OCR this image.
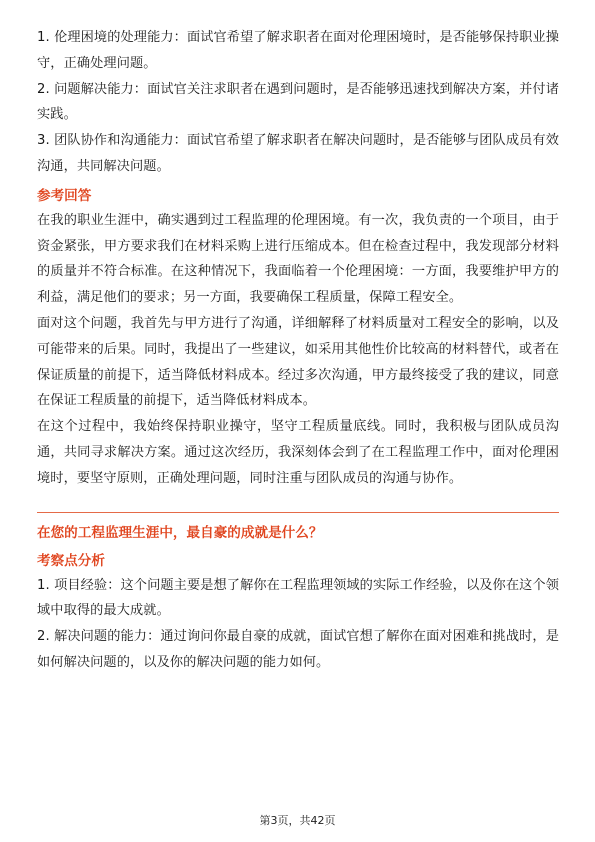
1. 伦理困境的处理能力：面试官希望了解求职者在面对伦理困境时，是否能够保持职业操守，正确处理问题。

2. 问题解决能力：面试官关注求职者在遇到问题时，是否能够迅速找到解决方案，并付诸实践。

3. 团队协作和沟通能力：面试官希望了解求职者在解决问题时，是否能够与团队成员有效沟通，共同解决问题。

参考回答

在我的职业生涯中，确实遇到过工程监理的伦理困境。有一次，我负责的一个项目，由于资金紧张，甲方要求我们在材料采购上进行压缩成本。但在检查过程中，我发现部分材料的质量并不符合标准。在这种情况下，我面临着一个伦理困境：一方面，我要维护甲方的利益，满足他们的要求；另一方面，我要确保工程质量，保障工程安全。

面对这个问题，我首先与甲方进行了沟通，详细解释了材料质量对工程安全的影响，以及可能带来的后果。同时，我提出了一些建议，如采用其他性价比较高的材料替代，或者在保证质量的前提下，适当降低材料成本。经过多次沟通，甲方最终接受了我的建议，同意在保证工程质量的前提下，适当降低材料成本。

在这个过程中，我始终保持职业操守，坚守工程质量底线。同时，我积极与团队成员沟通，共同寻求解决方案。通过这次经历，我深刻体会到了在工程监理工作中，面对伦理困境时，要坚守原则，正确处理问题，同时注重与团队成员的沟通与协作。

在您的工程监理生涯中，最自豪的成就是什么？

考察点分析

1. 项目经验：这个问题主要是想了解你在工程监理领域的实际工作经验，以及你在这个领域中取得的最大成就。

2. 解决问题的能力：通过询问你最自豪的成就，面试官想了解你在面对困难和挑战时，是如何解决问题的，以及你的解决问题的能力如何。

第3页，共42页
